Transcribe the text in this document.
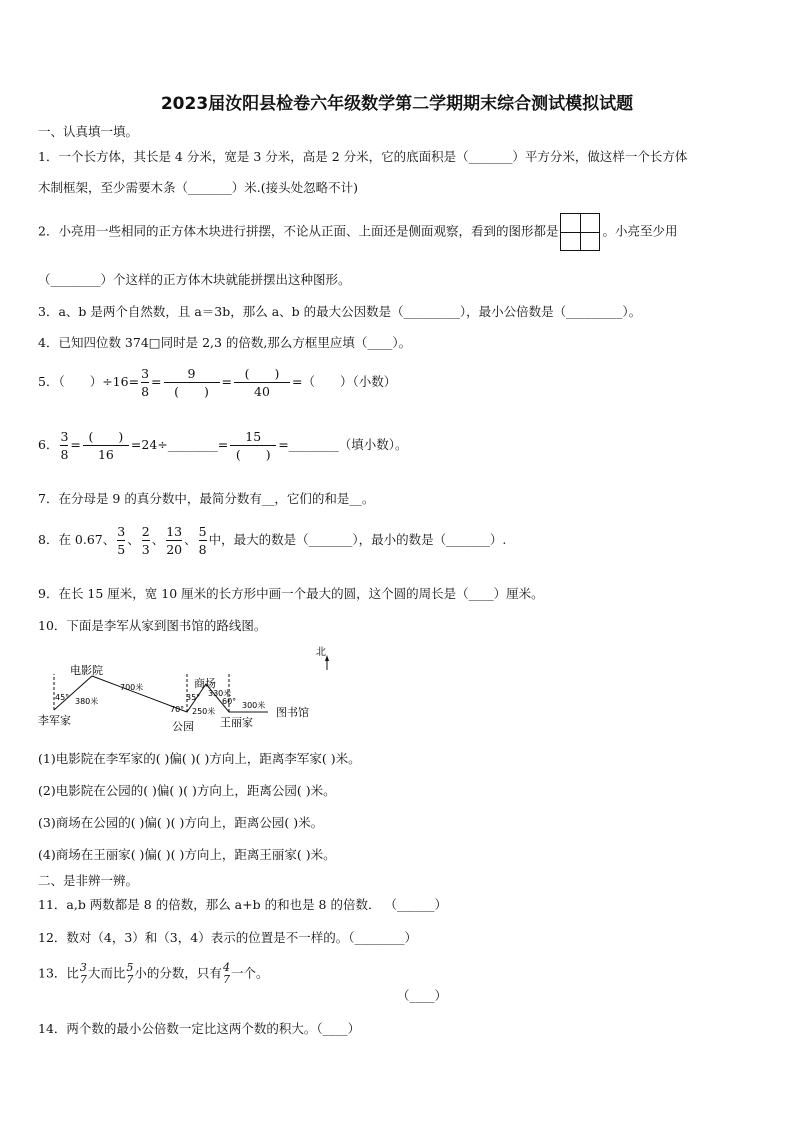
2023届汝阳县检卷六年级数学第二学期期末综合测试模拟试题
一、认真填一填。
1．一个长方体，其长是 4 分米，宽是 3 分米，高是 2 分米，它的底面积是（_______）平方分米，做这样一个长方体
木制框架，至少需要木条（_______）米.(接头处忽略不计)
2．小亮用一些相同的正方体木块进行拼摆，不论从正面、上面还是侧面观察，看到的图形都是	。小亮至少用
（________）个这样的正方体木块就能拼摆出这种图形。
3．a、b 是两个自然数，且 a＝3b，那么 a、b 的最大公因数是（_________），最小公倍数是（_________）。
4．已知四位数 374□同时是 2,3 的倍数,那么方框里应填（____）。
5．（　　）$\div 16= \frac{3}{8} = \frac{9}{( )} = \frac{( )}{40}$ =（　　）（小数）
6． $\frac{3}{8} = \frac{( )}{16}$ =24÷________= $\frac{15}{( )}$ =________（填小数）。
7．在分母是 9 的真分数中，最简分数有__，它们的和是__。
8．在 0.67、 $\frac{3}{5}$ 、 $\frac{2}{3}$ 、 $\frac{13}{20}$ 、 $\frac{5}{8}$ 中，最大的数是（_______），最小的数是（_______）.
9．在长 15 厘米，宽 10 厘米的长方形中画一个最大的圆，这个圆的周长是（____）厘米。
10．下面是李军从家到图书馆的路线图。
北
电影院
李军家	公园
商场
王丽家
图书馆
45° 380米
700米
70°
35°
250米
330米
60° 300米
(1)电影院在李军家的( )偏( )( )方向上，距离李军家( )米。
(2)电影院在公园的( )偏( )( )方向上，距离公园( )米。
(3)商场在公园的( )偏( )( )方向上，距离公园( )米。
(4)商场在王丽家( )偏( )( )方向上，距离王丽家( )米。
二、是非辨一辨。
11．a,b 两数都是 8 的倍数，那么 a+b 的和也是 8 的倍数． （______）
12．数对（4，3）和（3，4）表示的位置是不一样的。（________）
13．比 3
7 大而比 5
7 小的分数，只有 4
7 一个。
（____）
14．两个数的最小公倍数一定比这两个数的积大。（____）
